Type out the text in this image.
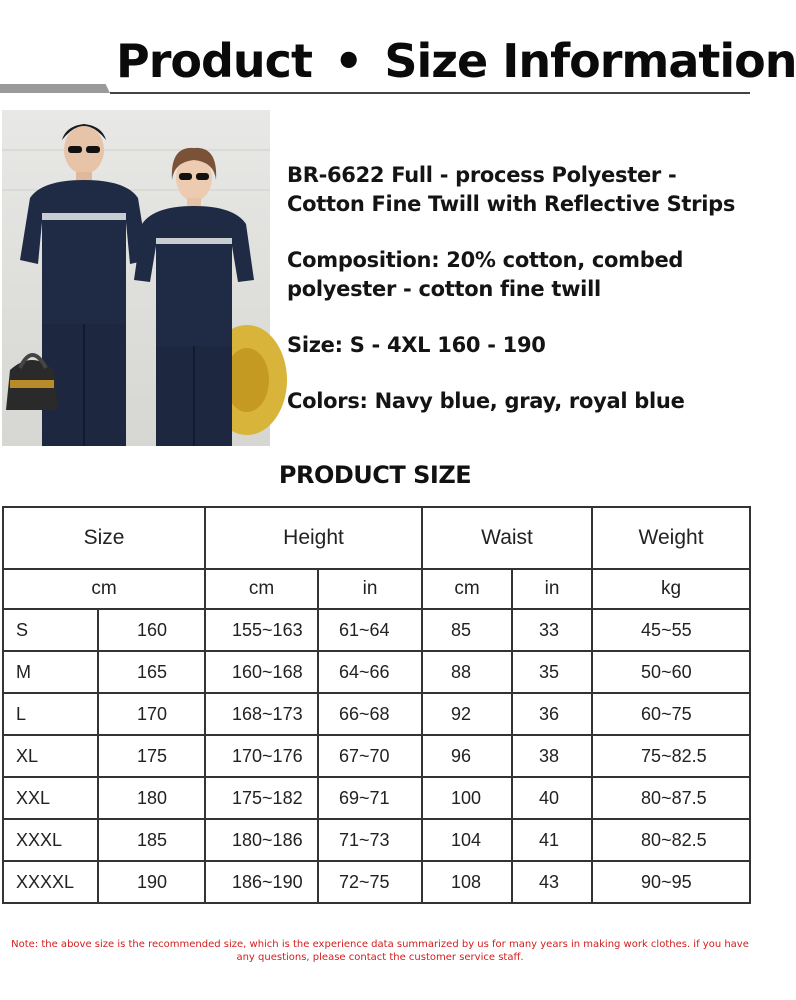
Product • Size Information

BR-6622 Full - process Polyester - Cotton Fine Twill with Reflective Strips

Composition: 20% cotton, combed polyester - cotton fine twill

Size: S - 4XL 160 - 190

Colors: Navy blue, gray, royal blue

PRODUCT SIZE
Size		Height		Waist		Weight
cm		cm	in	cm	in	kg
S	160	155~163	61~64	85	33	45~55
M	165	160~168	64~66	88	35	50~60
L	170	168~173	66~68	92	36	60~75
XL	175	170~176	67~70	96	38	75~82.5
XXL	180	175~182	69~71	100	40	80~87.5
XXXL	185	180~186	71~73	104	41	80~82.5
XXXXL	190	186~190	72~75	108	43	90~95
Note: the above size is the recommended size, which is the experience data summarized by us for many years in making work clothes. if you have any questions, please contact the customer service staff.
